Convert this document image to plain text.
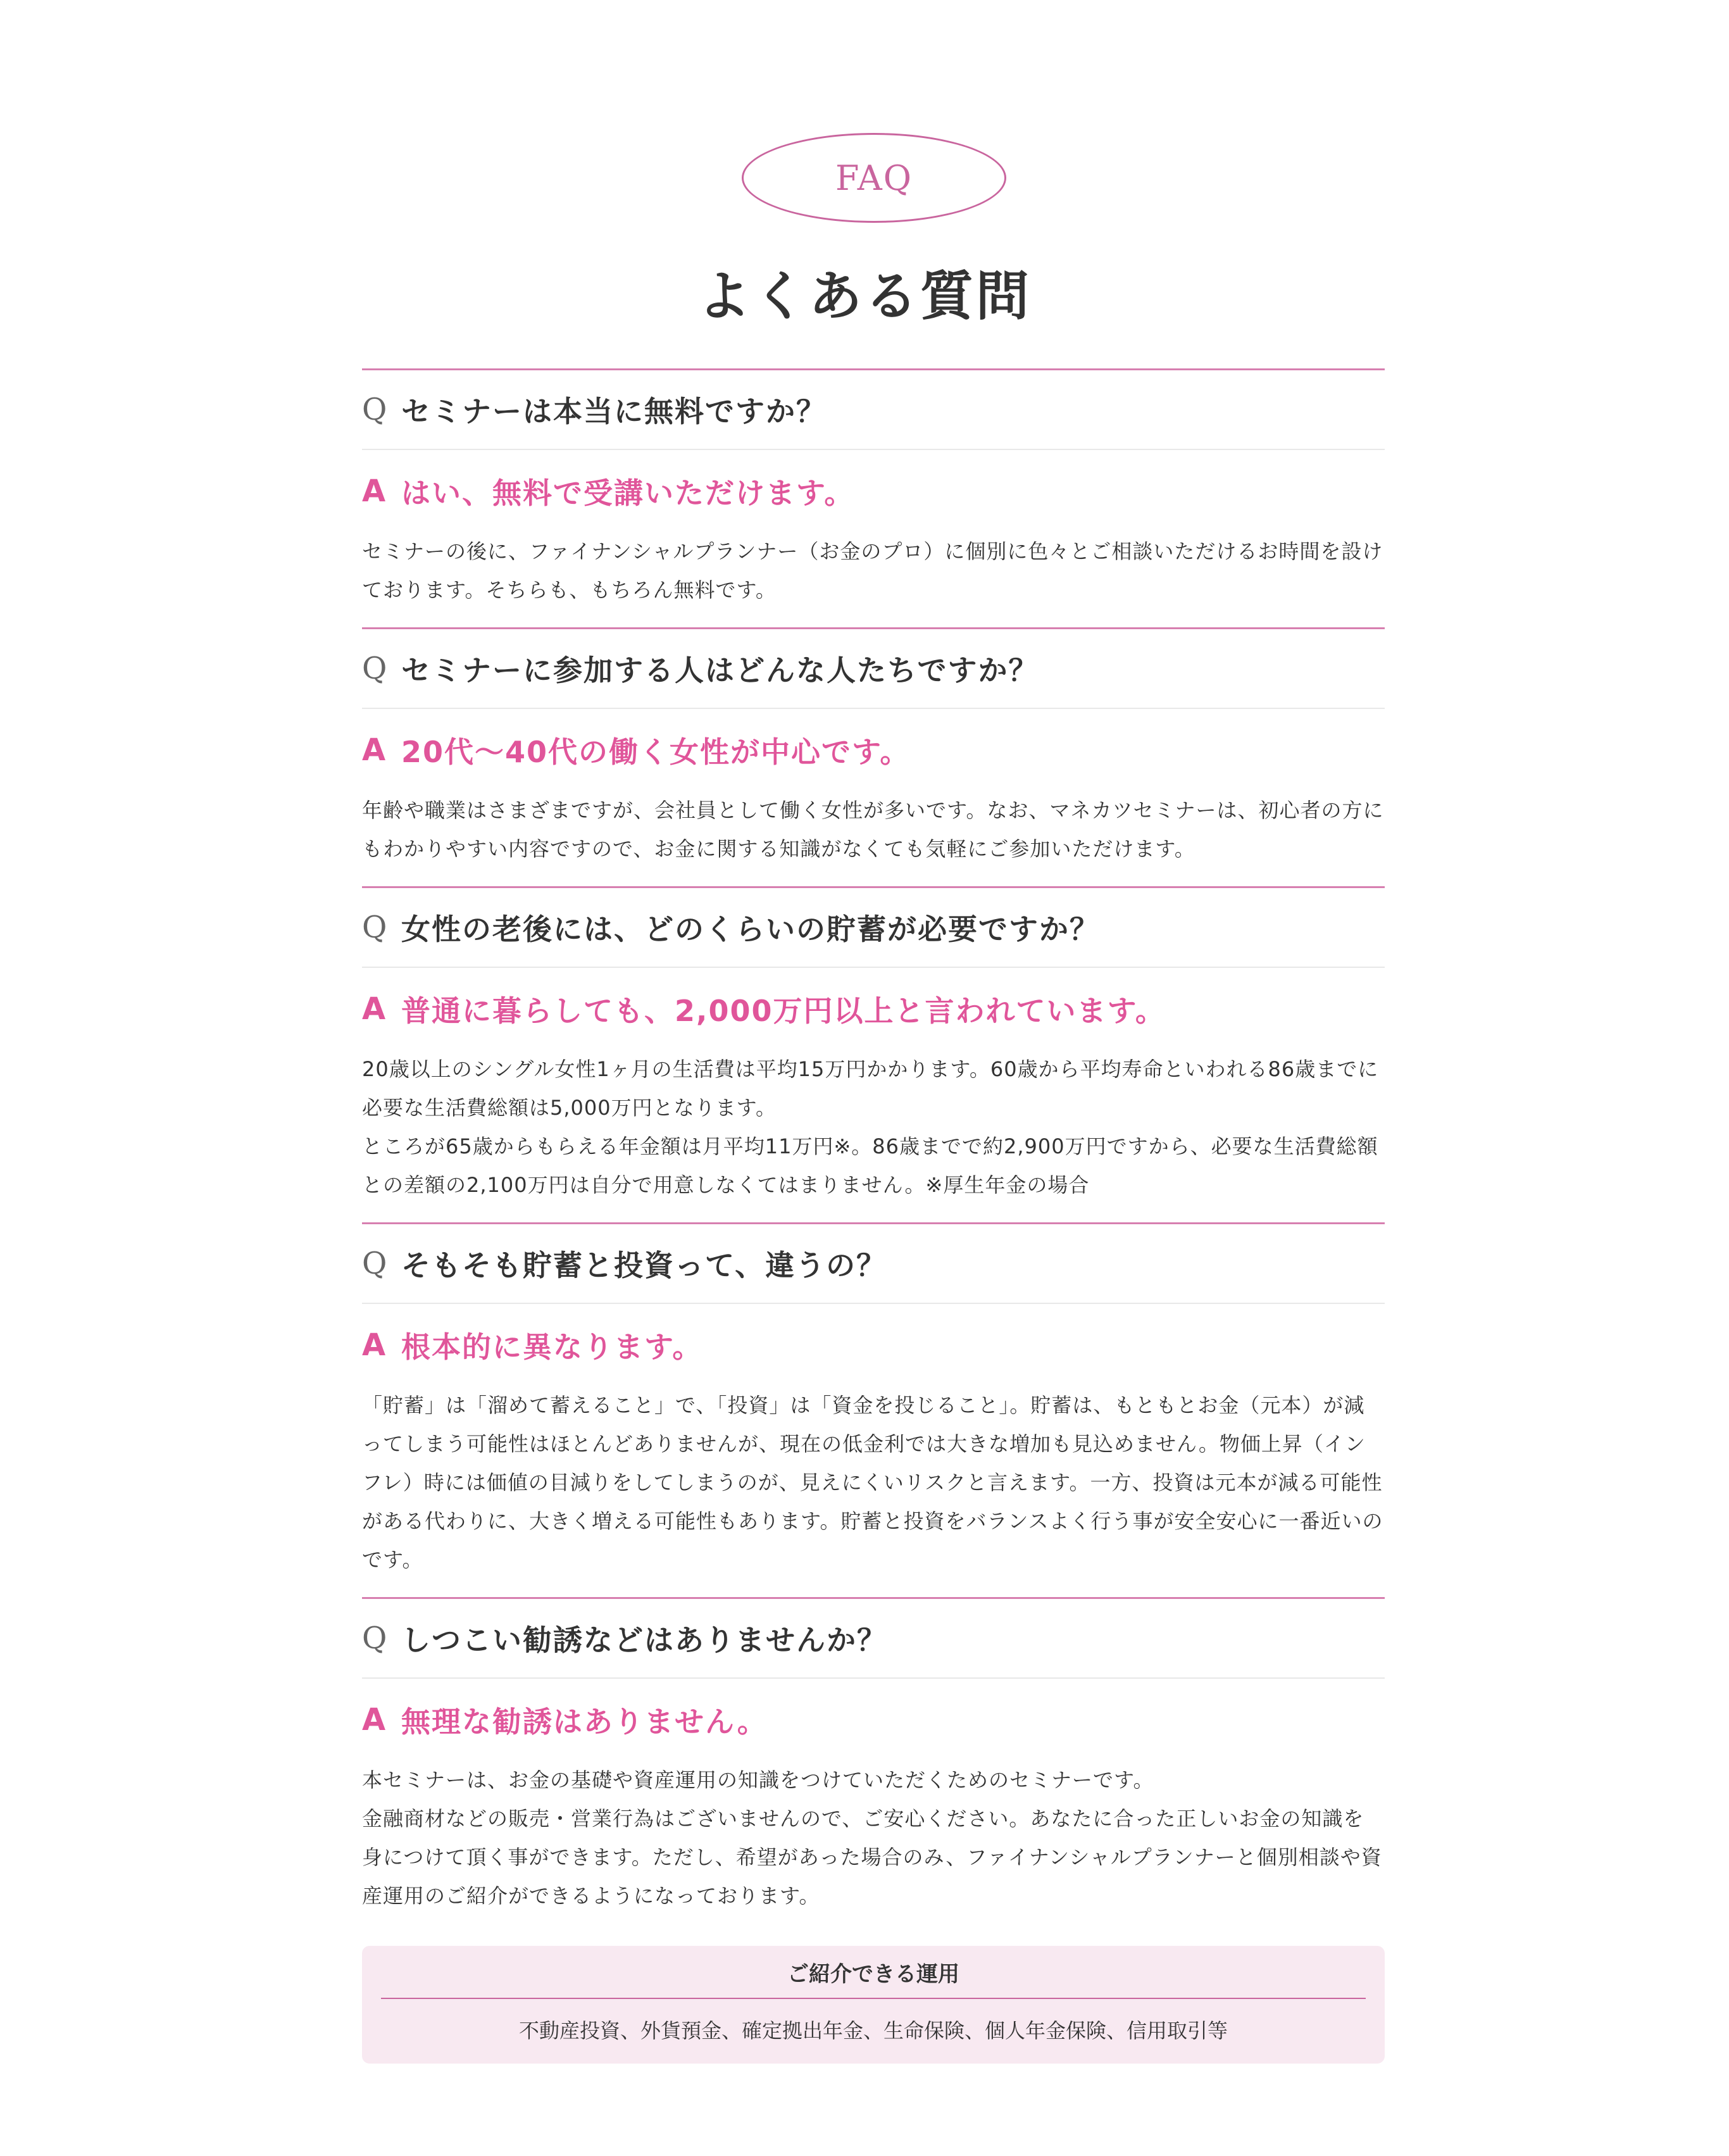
FAQ
よくある質問
Q セミナーは本当に無料ですか？
A はい、無料で受講いただけます。

セミナーの後に、ファイナンシャルプランナー（お金のプロ）に個別に色々とご相談いただけるお時間を設けております。そちらも、もちろん無料です。

Q セミナーに参加する人はどんな人たちですか？
A 20代～40代の働く女性が中心です。

年齢や職業はさまざまですが、会社員として働く女性が多いです。なお、マネカツセミナーは、初心者の方にもわかりやすい内容ですので、お金に関する知識がなくても気軽にご参加いただけます。

Q 女性の老後には、どのくらいの貯蓄が必要ですか？
A 普通に暮らしても、2,000万円以上と言われています。

20歳以上のシングル女性1ヶ月の生活費は平均15万円かかります。60歳から平均寿命といわれる86歳までに必要な生活費総額は5,000万円となります。

ところが65歳からもらえる年金額は月平均11万円※。86歳までで約2,900万円ですから、必要な生活費総額との差額の2,100万円は自分で用意しなくてはまりません。※厚生年金の場合

Q そもそも貯蓄と投資って、違うの？
A 根本的に異なります。

「貯蓄」は「溜めて蓄えること」で、「投資」は「資金を投じること」。貯蓄は、もともとお金（元本）が減ってしまう可能性はほとんどありませんが、現在の低金利では大きな増加も見込めません。物価上昇（インフレ）時には価値の目減りをしてしまうのが、見えにくいリスクと言えます。一方、投資は元本が減る可能性がある代わりに、大きく増える可能性もあります。貯蓄と投資をバランスよく行う事が安全安心に一番近いのです。

Q しつこい勧誘などはありませんか？
A 無理な勧誘はありません。

本セミナーは、お金の基礎や資産運用の知識をつけていただくためのセミナーです。

金融商材などの販売・営業行為はございませんので、ご安心ください。あなたに合った正しいお金の知識を身につけて頂く事ができます。ただし、希望があった場合のみ、ファイナンシャルプランナーと個別相談や資産運用のご紹介ができるようになっております。

ご紹介できる運用
不動産投資、外貨預金、確定拠出年金、生命保険、個人年金保険、信用取引等
